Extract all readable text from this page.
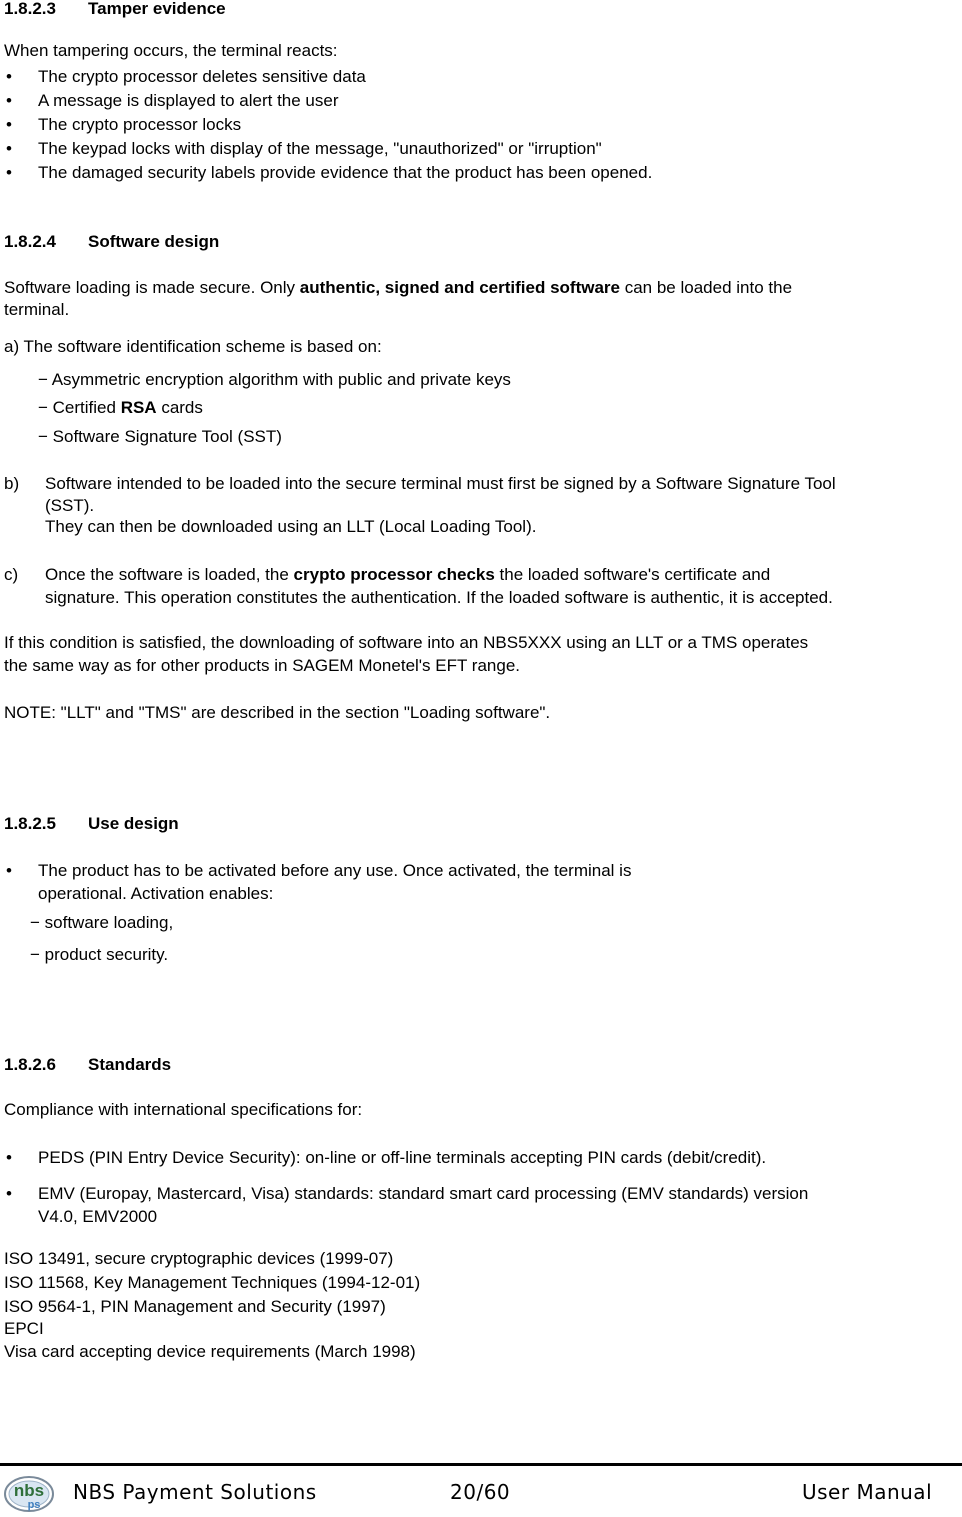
1.8.2.3 Tamper evidence
When tampering occurs, the terminal reacts:
• The crypto processor deletes sensitive data
• A message is displayed to alert the user
• The crypto processor locks
• The keypad locks with display of the message, "unauthorized" or "irruption"
• The damaged security labels provide evidence that the product has been opened.
1.8.2.4 Software design
Software loading is made secure. Only authentic, signed and certified software can be loaded into the
terminal.
a) The software identification scheme is based on:
− Asymmetric encryption algorithm with public and private keys
− Certified RSA cards
− Software Signature Tool (SST)
b) Software intended to be loaded into the secure terminal must first be signed by a Software Signature Tool
(SST).
They can then be downloaded using an LLT (Local Loading Tool).
c) Once the software is loaded, the crypto processor checks the loaded software's certificate and
signature. This operation constitutes the authentication. If the loaded software is authentic, it is accepted.
If this condition is satisfied, the downloading of software into an NBS5XXX using an LLT or a TMS operates
the same way as for other products in SAGEM Monetel's EFT range.
NOTE: "LLT" and "TMS" are described in the section "Loading software".
1.8.2.5 Use design
• The product has to be activated before any use. Once activated, the terminal is
operational. Activation enables:
− software loading,
− product security.
1.8.2.6 Standards
Compliance with international specifications for:
• PEDS (PIN Entry Device Security): on-line or off-line terminals accepting PIN cards (debit/credit).
• EMV (Europay, Mastercard, Visa) standards: standard smart card processing (EMV standards) version
V4.0, EMV2000
ISO 13491, secure cryptographic devices (1999-07)
ISO 11568, Key Management Techniques (1994-12-01)
ISO 9564-1, PIN Management and Security (1997)
EPCI
Visa card accepting device requirements (March 1998)
nbs
ps
NBS Payment Solutions	20/60	User Manual
